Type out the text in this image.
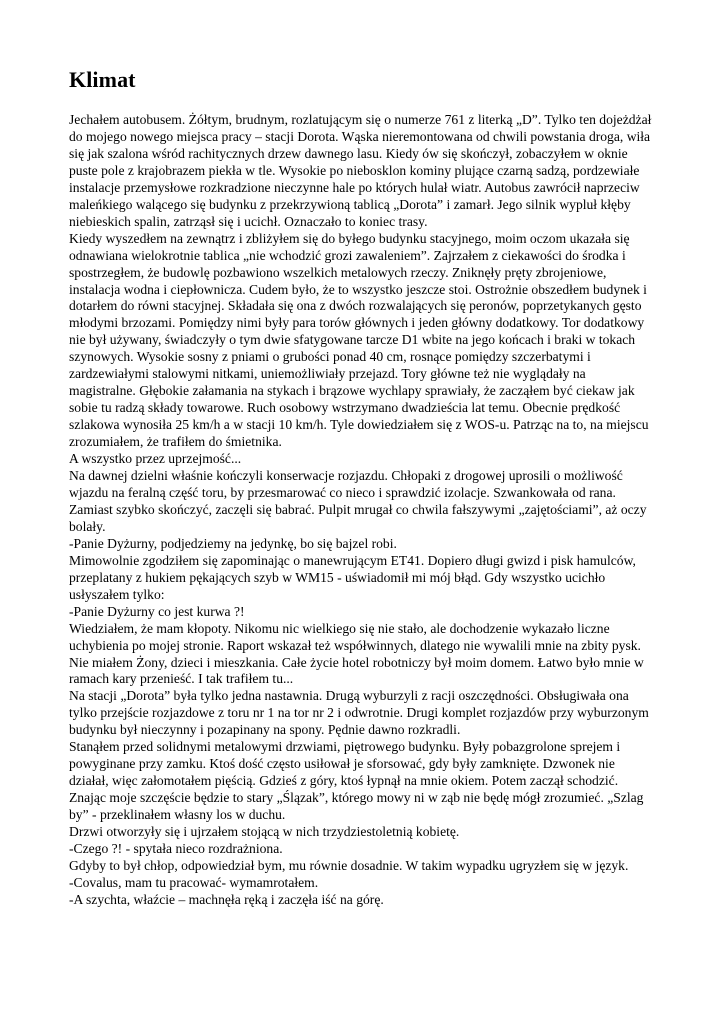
Klimat

Jechałem autobusem. Żółtym, brudnym, rozlatującym się o numerze 761 z literką „D”. Tylko ten dojeżdżał do mojego nowego miejsca pracy – stacji Dorota. Wąska nieremontowana od chwili powstania droga, wiła się jak szalona wśród rachitycznych drzew dawnego lasu. Kiedy ów się skończył, zobaczyłem w oknie puste pole z krajobrazem piekła w tle. Wysokie po niebosklon kominy plujące czarną sadzą, pordzewiałe instalacje przemysłowe rozkradzione nieczynne hale po których hulał wiatr. Autobus zawrócił naprzeciw maleńkiego walącego się budynku z przekrzywioną tablicą „Dorota” i zamarł. Jego silnik wypluł kłęby niebieskich spalin, zatrząsł się i ucichł. Oznaczało to koniec trasy.

Kiedy wyszedłem na zewnątrz i zbliżyłem się do byłego budynku stacyjnego, moim oczom ukazała się odnawiana wielokrotnie tablica „nie wchodzić grozi zawaleniem”. Zajrzałem z ciekawości do środka i spostrzegłem, że budowlę pozbawiono wszelkich metalowych rzeczy. Zniknęły pręty zbrojeniowe, instalacja wodna i ciepłownicza. Cudem było, że to wszystko jeszcze stoi. Ostrożnie obszedłem budynek i dotarłem do równi stacyjnej. Składała się ona z dwóch rozwalających się peronów, poprzetykanych gęsto młodymi brzozami. Pomiędzy nimi były para torów głównych i jeden główny dodatkowy. Tor dodatkowy nie był używany, świadczyły o tym dwie sfatygowane tarcze D1 wbite na jego końcach i braki w tokach szynowych. Wysokie sosny z pniami o grubości ponad 40 cm, rosnące pomiędzy szczerbatymi i zardzewiałymi stalowymi nitkami, uniemożliwiały przejazd. Tory główne też nie wyglądały na magistralne. Głębokie załamania na stykach i brązowe wychlapy sprawiały, że zacząłem być ciekaw jak sobie tu radzą składy towarowe. Ruch osobowy wstrzymano dwadzieścia lat temu. Obecnie prędkość szlakowa wynosiła 25 km/h a w stacji 10 km/h. Tyle dowiedziałem się z WOS-u. Patrząc na to, na miejscu zrozumiałem, że trafiłem do śmietnika.

A wszystko przez uprzejmość...

Na dawnej dzielni właśnie kończyli konserwacje rozjazdu. Chłopaki z drogowej uprosili o możliwość wjazdu na feralną część toru, by przesmarować co nieco i sprawdzić izolacje. Szwankowała od rana. Zamiast szybko skończyć, zaczęli się babrać. Pulpit mrugał co chwila fałszywymi „zajętościami”, aż oczy bolały.

-Panie Dyżurny, podjedziemy na jedynkę, bo się bajzel robi.

Mimowolnie zgodziłem się zapominając o manewrującym ET41. Dopiero długi gwizd i pisk hamulców, przeplatany z hukiem pękających szyb w WM15 - uświadomił mi mój błąd. Gdy wszystko ucichło usłyszałem tylko:

-Panie Dyżurny co jest kurwa ?!

Wiedziałem, że mam kłopoty. Nikomu nic wielkiego się nie stało, ale dochodzenie wykazało liczne uchybienia po mojej stronie. Raport wskazał też współwinnych, dlatego nie wywalili mnie na zbity pysk. Nie miałem Żony, dzieci i mieszkania. Całe życie hotel robotniczy był moim domem. Łatwo było mnie w ramach kary przenieść. I tak trafiłem tu...

Na stacji „Dorota” była tylko jedna nastawnia. Drugą wyburzyli z racji oszczędności. Obsługiwała ona tylko przejście rozjazdowe z toru nr 1 na tor nr 2 i odwrotnie. Drugi komplet rozjazdów przy wyburzonym budynku był nieczynny i pozapinany na spony. Pędnie dawno rozkradli.

Stanąłem przed solidnymi metalowymi drzwiami, piętrowego budynku. Były pobazgrolone sprejem i powyginane przy zamku. Ktoś dość często usiłował je sforsować, gdy były zamknięte. Dzwonek nie działał, więc załomotałem pięścią. Gdzieś z góry, ktoś łypnął na mnie okiem. Potem zaczął schodzić. Znając moje szczęście będzie to stary „Ślązak”, którego mowy ni w ząb nie będę mógł zrozumieć. „Szlag by” - przeklinałem własny los w duchu.

Drzwi otworzyły się i ujrzałem stojącą w nich trzydziestoletnią kobietę.

-Czego ?! - spytała nieco rozdrażniona.

Gdyby to był chłop, odpowiedział bym, mu równie dosadnie. W takim wypadku ugryzłem się w język.

-Covalus, mam tu pracować- wymamrotałem.

-A szychta, właźcie – machnęła ręką i zaczęła iść na górę.
